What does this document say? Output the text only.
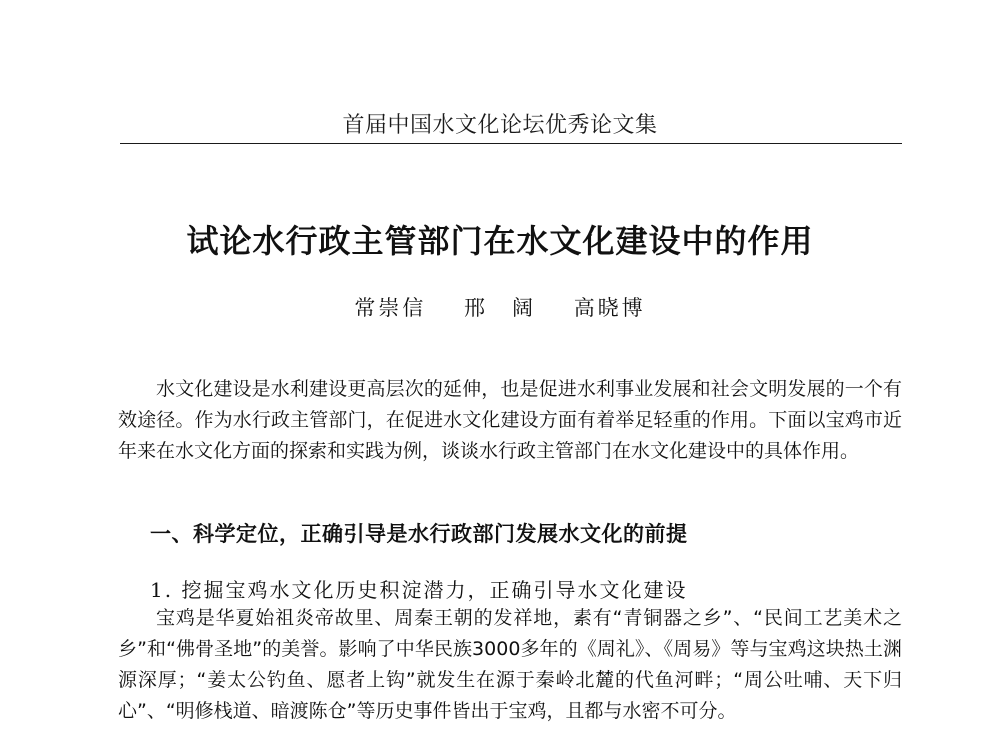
首届中国水文化论坛优秀论文集
试论水行政主管部门在水文化建设中的作用
常崇信 邢　阔 高晓博

水文化建设是水利建设更高层次的延伸，也是促进水利事业发展和社会文明发展的一个有效途径。作为水行政主管部门，在促进水文化建设方面有着举足轻重的作用。下面以宝鸡市近年来在水文化方面的探索和实践为例，谈谈水行政主管部门在水文化建设中的具体作用。

一、科学定位，正确引导是水行政部门发展水文化的前提
1. 挖掘宝鸡水文化历史积淀潜力，正确引导水文化建设

宝鸡是华夏始祖炎帝故里、周秦王朝的发祥地，素有“青铜器之乡”、“民间工艺美术之乡”和“佛骨圣地”的美誉。影响了中华民族3000多年的《周礼》、《周易》等与宝鸡这块热土渊源深厚；“姜太公钓鱼、愿者上钩”就发生在源于秦岭北麓的代鱼河畔；“周公吐哺、天下归心”、“明修栈道、暗渡陈仓”等历史事件皆出于宝鸡，且都与水密不可分。
